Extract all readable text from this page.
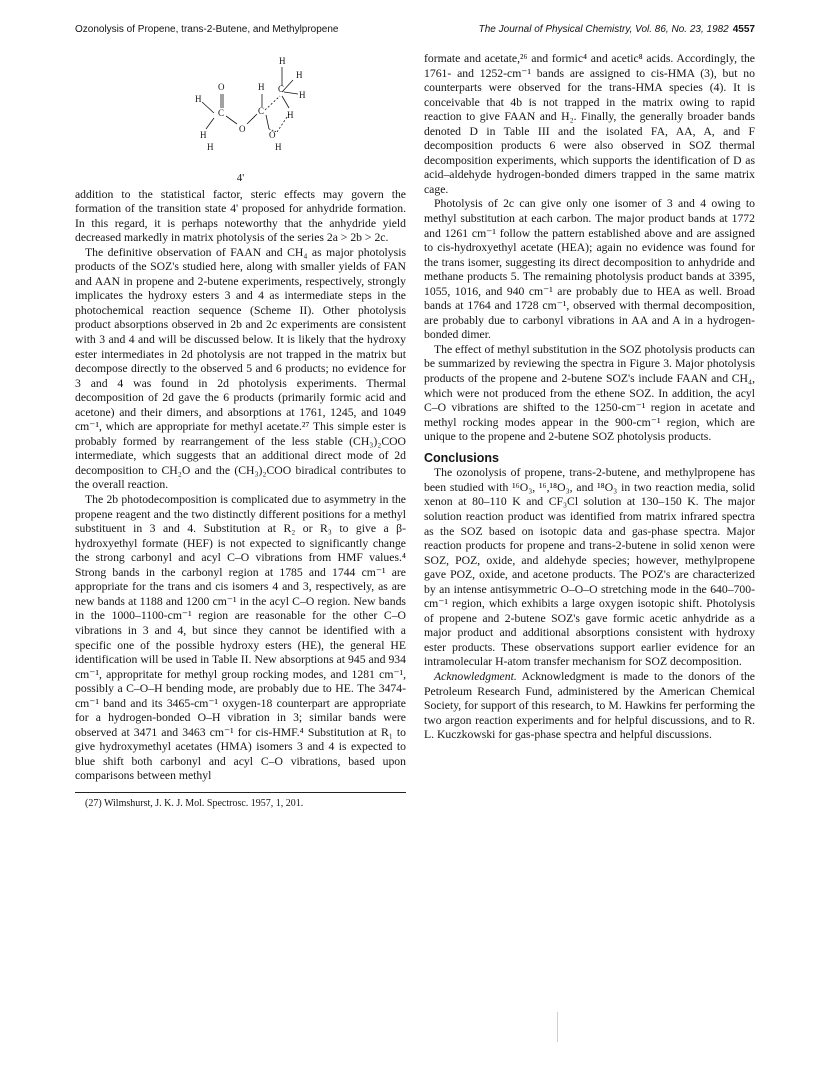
Ozonolysis of Propene, trans-2-Butene, and Methylpropene	The Journal of Physical Chemistry, Vol. 86, No. 23, 1982 4557
H
H
O	H C
H
H
C	C	H
H
O
H
O
H
4'

addition to the statistical factor, steric effects may govern the formation of the transition state 4' proposed for anhydride formation. In this regard, it is perhaps noteworthy that the anhydride yield decreased markedly in matrix photolysis of the series 2a > 2b > 2c.

The definitive observation of FAAN and CH₄ as major photolysis products of the SOZ's studied here, along with smaller yields of FAN and AAN in propene and 2-butene experiments, respectively, strongly implicates the hydroxy esters 3 and 4 as intermediate steps in the photochemical reaction sequence (Scheme II). Other photolysis product absorptions observed in 2b and 2c experiments are consistent with 3 and 4 and will be discussed below. It is likely that the hydroxy ester intermediates in 2d photolysis are not trapped in the matrix but decompose directly to the observed 5 and 6 products; no evidence for 3 and 4 was found in 2d photolysis experiments. Thermal decomposition of 2d gave the 6 products (primarily formic acid and acetone) and their dimers, and absorptions at 1761, 1245, and 1049 cm⁻¹, which are appropriate for methyl acetate.²⁷ This simple ester is probably formed by rearrangement of the less stable (CH₃)₂COO intermediate, which suggests that an additional direct mode of 2d decomposition to CH₂O and the (CH₃)₂COO biradical contributes to the overall reaction.

The 2b photodecomposition is complicated due to asymmetry in the propene reagent and the two distinctly different positions for a methyl substituent in 3 and 4. Substitution at R₂ or R₃ to give a β-hydroxyethyl formate (HEF) is not expected to significantly change the strong carbonyl and acyl C–O vibrations from HMF values.⁴ Strong bands in the carbonyl region at 1785 and 1744 cm⁻¹ are appropriate for the trans and cis isomers 4 and 3, respectively, as are new bands at 1188 and 1200 cm⁻¹ in the acyl C–O region. New bands in the 1000–1100-cm⁻¹ region are reasonable for the other C–O vibrations in 3 and 4, but since they cannot be identified with a specific one of the possible hydroxy esters (HE), the general HE identification will be used in Table II. New absorptions at 945 and 934 cm⁻¹, appropritate for methyl group rocking modes, and 1281 cm⁻¹, possibly a C–O–H bending mode, are probably due to HE. The 3474-cm⁻¹ band and its 3465-cm⁻¹ oxygen-18 counterpart are appropriate for a hydrogen-bonded O–H vibration in 3; similar bands were observed at 3471 and 3463 cm⁻¹ for cis-HMF.⁴ Substitution at R₁ to give hydroxymethyl acetates (HMA) isomers 3 and 4 is expected to blue shift both carbonyl and acyl C–O vibrations, based upon comparisons between methyl

(27) Wilmshurst, J. K. J. Mol. Spectrosc. 1957, 1, 201.

formate and acetate,²⁶ and formic⁴ and acetic⁸ acids. Accordingly, the 1761- and 1252-cm⁻¹ bands are assigned to cis-HMA (3), but no counterparts were observed for the trans-HMA species (4). It is conceivable that 4b is not trapped in the matrix owing to rapid reaction to give FAAN and H₂. Finally, the generally broader bands denoted D in Table III and the isolated FA, AA, A, and F decomposition products 6 were also observed in SOZ thermal decomposition experiments, which supports the identification of D as acid–aldehyde hydrogen-bonded dimers trapped in the same matrix cage.

Photolysis of 2c can give only one isomer of 3 and 4 owing to methyl substitution at each carbon. The major product bands at 1772 and 1261 cm⁻¹ follow the pattern established above and are assigned to cis-hydroxyethyl acetate (HEA); again no evidence was found for the trans isomer, suggesting its direct decomposition to anhydride and methane products 5. The remaining photolysis product bands at 3395, 1055, 1016, and 940 cm⁻¹ are probably due to HEA as well. Broad bands at 1764 and 1728 cm⁻¹, observed with thermal decomposition, are probably due to carbonyl vibrations in AA and A in a hydrogen-bonded dimer.

The effect of methyl substitution in the SOZ photolysis products can be summarized by reviewing the spectra in Figure 3. Major photolysis products of the propene and 2-butene SOZ's include FAAN and CH₄, which were not produced from the ethene SOZ. In addition, the acyl C–O vibrations are shifted to the 1250-cm⁻¹ region in acetate and methyl rocking modes appear in the 900-cm⁻¹ region, which are unique to the propene and 2-butene SOZ photolysis products.

Conclusions

The ozonolysis of propene, trans-2-butene, and methylpropene has been studied with ¹⁶O₃, ¹⁶,¹⁸O₃, and ¹⁸O₃ in two reaction media, solid xenon at 80–110 K and CF₃Cl solution at 130–150 K. The major solution reaction product was identified from matrix infrared spectra as the SOZ based on isotopic data and gas-phase spectra. Major reaction products for propene and trans-2-butene in solid xenon were SOZ, POZ, oxide, and aldehyde species; however, methylpropene gave POZ, oxide, and acetone products. The POZ's are characterized by an intense antisymmetric O–O–O stretching mode in the 640–700-cm⁻¹ region, which exhibits a large oxygen isotopic shift. Photolysis of propene and 2-butene SOZ's gave formic acetic anhydride as a major product and additional absorptions consistent with hydroxy ester products. These observations support earlier evidence for an intramolecular H-atom transfer mechanism for SOZ decomposition.

Acknowledgment. Acknowledgment is made to the donors of the Petroleum Research Fund, administered by the American Chemical Society, for support of this research, to M. Hawkins fɐr performing the two argon reaction experiments and for helpful discussions, and to R. L. Kuczkowski for gas-phase spectra and helpful discussions.
